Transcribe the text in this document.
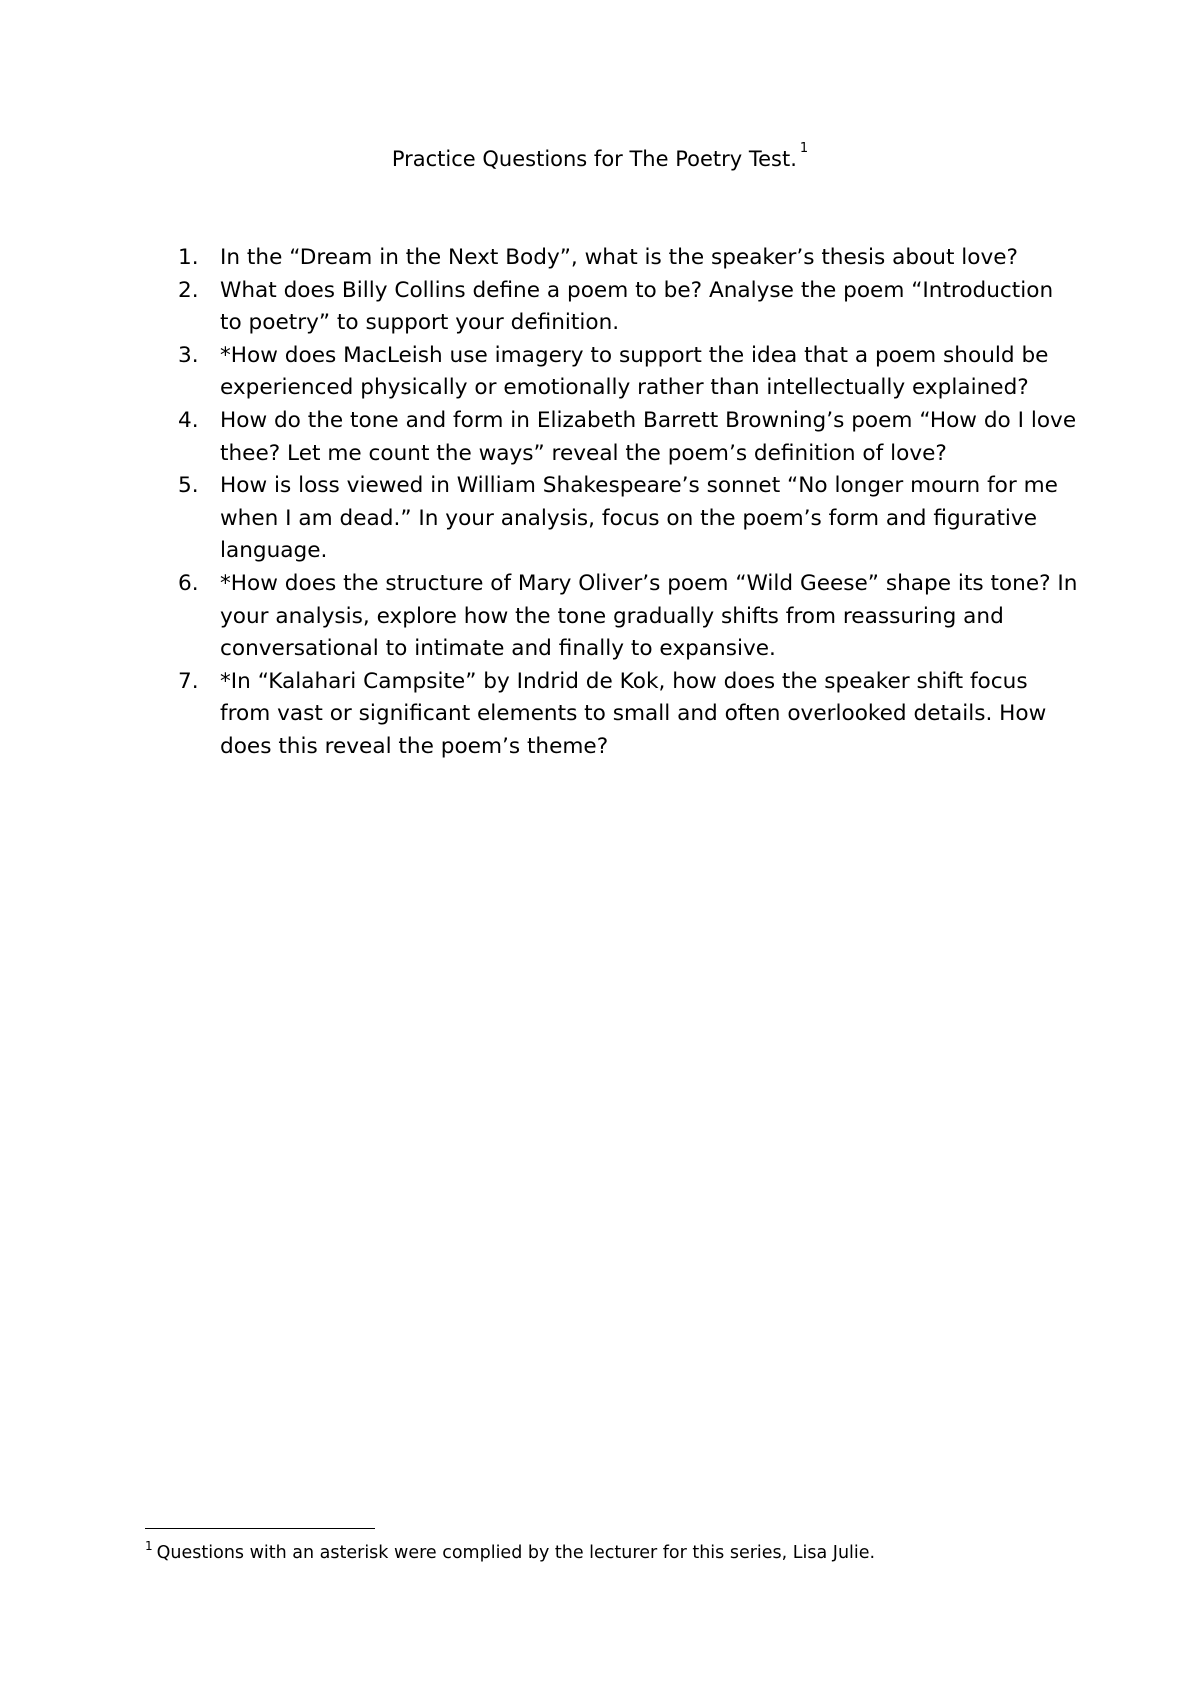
Practice Questions for The Poetry Test. $^1$
1. In the “Dream in the Next Body”, what is the speaker’s thesis about love?
2. What does Billy Collins define a poem to be? Analyse the poem “Introduction to poetry” to support your definition.
3. *How does MacLeish use imagery to support the idea that a poem should be experienced physically or emotionally rather than intellectually explained?
4. How do the tone and form in Elizabeth Barrett Browning’s poem “How do I love thee? Let me count the ways” reveal the poem’s definition of love?
5. How is loss viewed in William Shakespeare’s sonnet “No longer mourn for me when I am dead.” In your analysis, focus on the poem’s form and figurative language.
6. *How does the structure of Mary Oliver’s poem “Wild Geese” shape its tone? In your analysis, explore how the tone gradually shifts from reassuring and conversational to intimate and finally to expansive.
7. *In “Kalahari Campsite” by Indrid de Kok, how does the speaker shift focus from vast or significant elements to small and often overlooked details. How does this reveal the poem’s theme?
$^1$ Questions with an asterisk were complied by the lecturer for this series, Lisa Julie.
